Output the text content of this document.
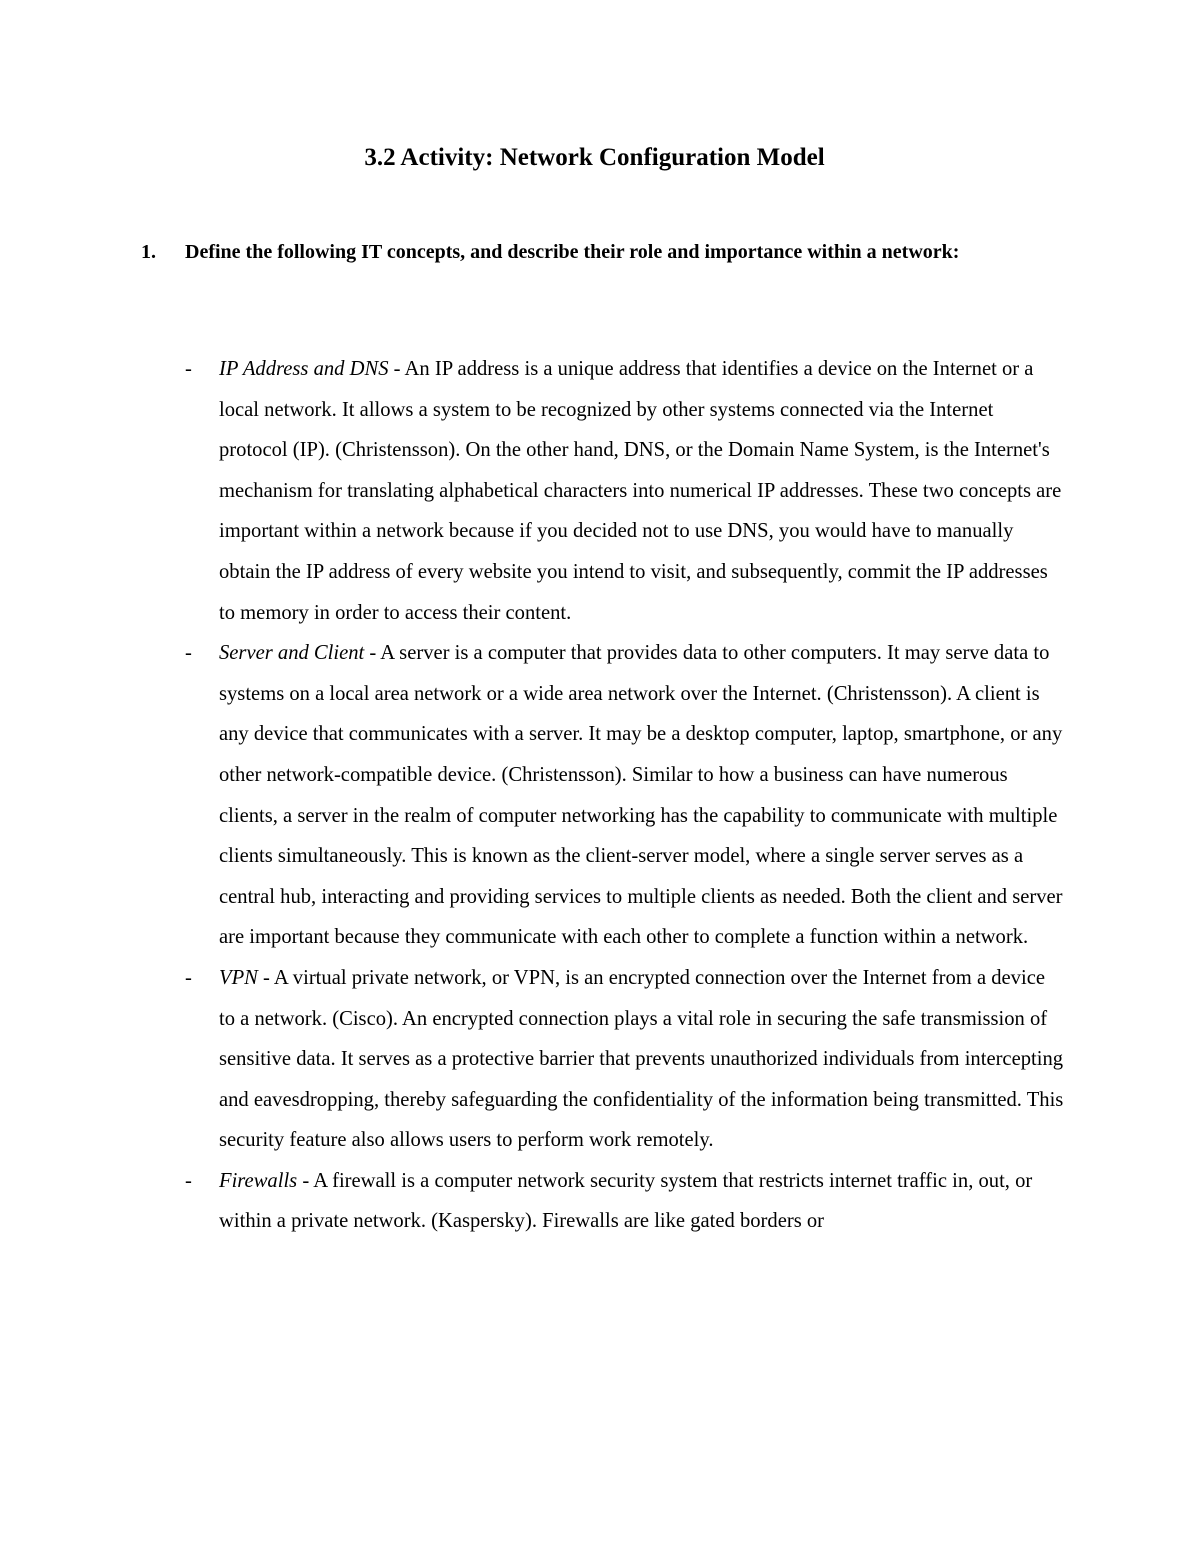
3.2 Activity: Network Configuration Model
1. Define the following IT concepts, and describe their role and importance within a network:
- IP Address and DNS - An IP address is a unique address that identifies a device on the Internet or a local network. It allows a system to be recognized by other systems connected via the Internet protocol (IP). (Christensson). On the other hand, DNS, or the Domain Name System, is the Internet's mechanism for translating alphabetical characters into numerical IP addresses. These two concepts are important within a network because if you decided not to use DNS, you would have to manually obtain the IP address of every website you intend to visit, and subsequently, commit the IP addresses to memory in order to access their content.
- Server and Client - A server is a computer that provides data to other computers. It may serve data to systems on a local area network or a wide area network over the Internet. (Christensson). A client is any device that communicates with a server. It may be a desktop computer, laptop, smartphone, or any other network-compatible device. (Christensson). Similar to how a business can have numerous clients, a server in the realm of computer networking has the capability to communicate with multiple clients simultaneously. This is known as the client-server model, where a single server serves as a central hub, interacting and providing services to multiple clients as needed. Both the client and server are important because they communicate with each other to complete a function within a network.
- VPN - A virtual private network, or VPN, is an encrypted connection over the Internet from a device to a network. (Cisco). An encrypted connection plays a vital role in securing the safe transmission of sensitive data. It serves as a protective barrier that prevents unauthorized individuals from intercepting and eavesdropping, thereby safeguarding the confidentiality of the information being transmitted. This security feature also allows users to perform work remotely.
- Firewalls - A firewall is a computer network security system that restricts internet traffic in, out, or within a private network. (Kaspersky). Firewalls are like gated borders or
